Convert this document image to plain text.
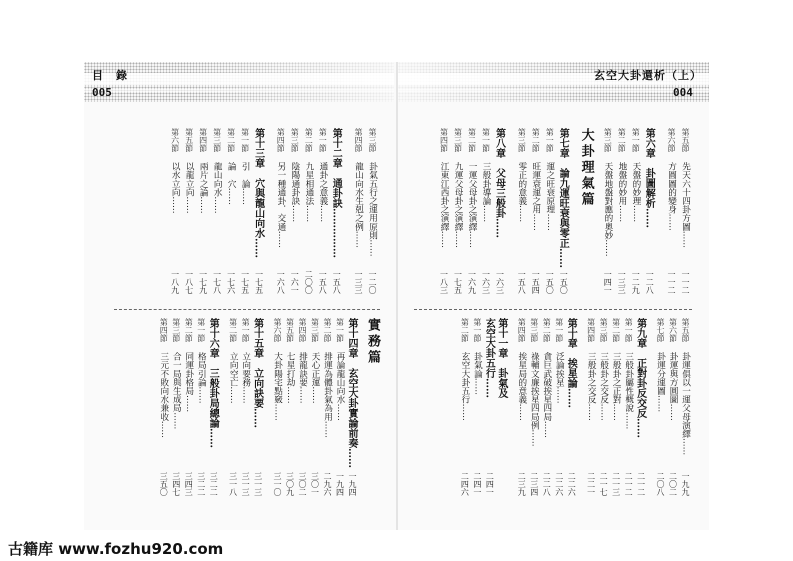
目　錄
005
玄空大卦還析（上）
004
第三節
卦氣五行之運用原則……
一二〇
第四節
龍山向水生剋之例……
一三三
第十二章　通卦訣……………
一五八
第一節
通卦之意義……
一五八
第二節
九星相通法……
二〇〇
第三節
陰陽通卦訣……
一六一
第四節
另一種通卦．交通……
一六八
第十三章　穴與龍山向水……
一七五
第一節
引　論……
一七五
第二節
論　穴……
一七六
第三節
龍山向水……
一七八
第四節
兩片之論……
一七九
第五節
以龍立向……
一八七
第六節
以水立向……
一八九
實務篇
第十四章　玄空大卦實論前奏……
一九四
第一節
再論龍山向水……
一九四
第二節
排運為體卦氣為用……
二九六
第三節
天心正運……
三〇一
第四節
排龍訣要……
三〇二
第五節
七星打劫……
三〇九
第六節
大卦陽宅點竅……
三一〇
第十五章　立向訣要……
三一三
第一節
立向要務……
三一三
第二節
立向空亡……
三一八
第十六章　三般卦局總論……
三二二
第一節
格局引論……
三二二
第二節
同運卦格局……
三四三
第三節
合一局與生成局……
三四七
第四節
三元不敗向水兼收……
三五〇
第五節
先天六十四卦方圖……
一一二
第六節
方圓圖的變身……
一一二
第六章　卦圖解析……
一二八
第一節
天盤的妙理……
一二九
第二節
地盤的妙用……
一三三
第三節
天盤地盤對應的奧妙……
一四一
大卦理氣篇
第七章　論九運旺衰與零正……
一五〇
第一節
運之旺衰原理……
一五〇
第二節
旺運衰運之用……
一五四
第三節
零正的意義……
一五八
第八章　父母三般卦……
一六三
第一節
三般卦導論……
一六三
第二節
一運父母卦之演繹……
一六九
第三節
九運父母卦之演繹……
一七五
第四節
江東江西卦之演繹……
一八三
第五節
卦運俱以一運父母演繹……
一九九
第六節
卦運與方圓圖……
二〇二
第七節
卦運分運圖……
二〇八
第九章　正對卦反交反……
二一二
第一節
三般卦屬性概說……
二一二
第二節
三般卦之正對……
二一三
第三節
三般卦之交反……
二一七
第四節
三般卦之交反……
二二一
第十章　挨星論……
二二六
第一節
泛論挨星……
二二六
第二節
貪巨武破挨星四局……
二二八
第三節
祿輔文廉挨星四局例……
二三四
第四節
挨星局的意義……
二三九
第十一章　卦氣及
玄空大卦五行……
二四一
第一節
卦氣論……
二四一
第二節
玄空大卦五行……
二四六
古籍库 www.fozhu920.com
